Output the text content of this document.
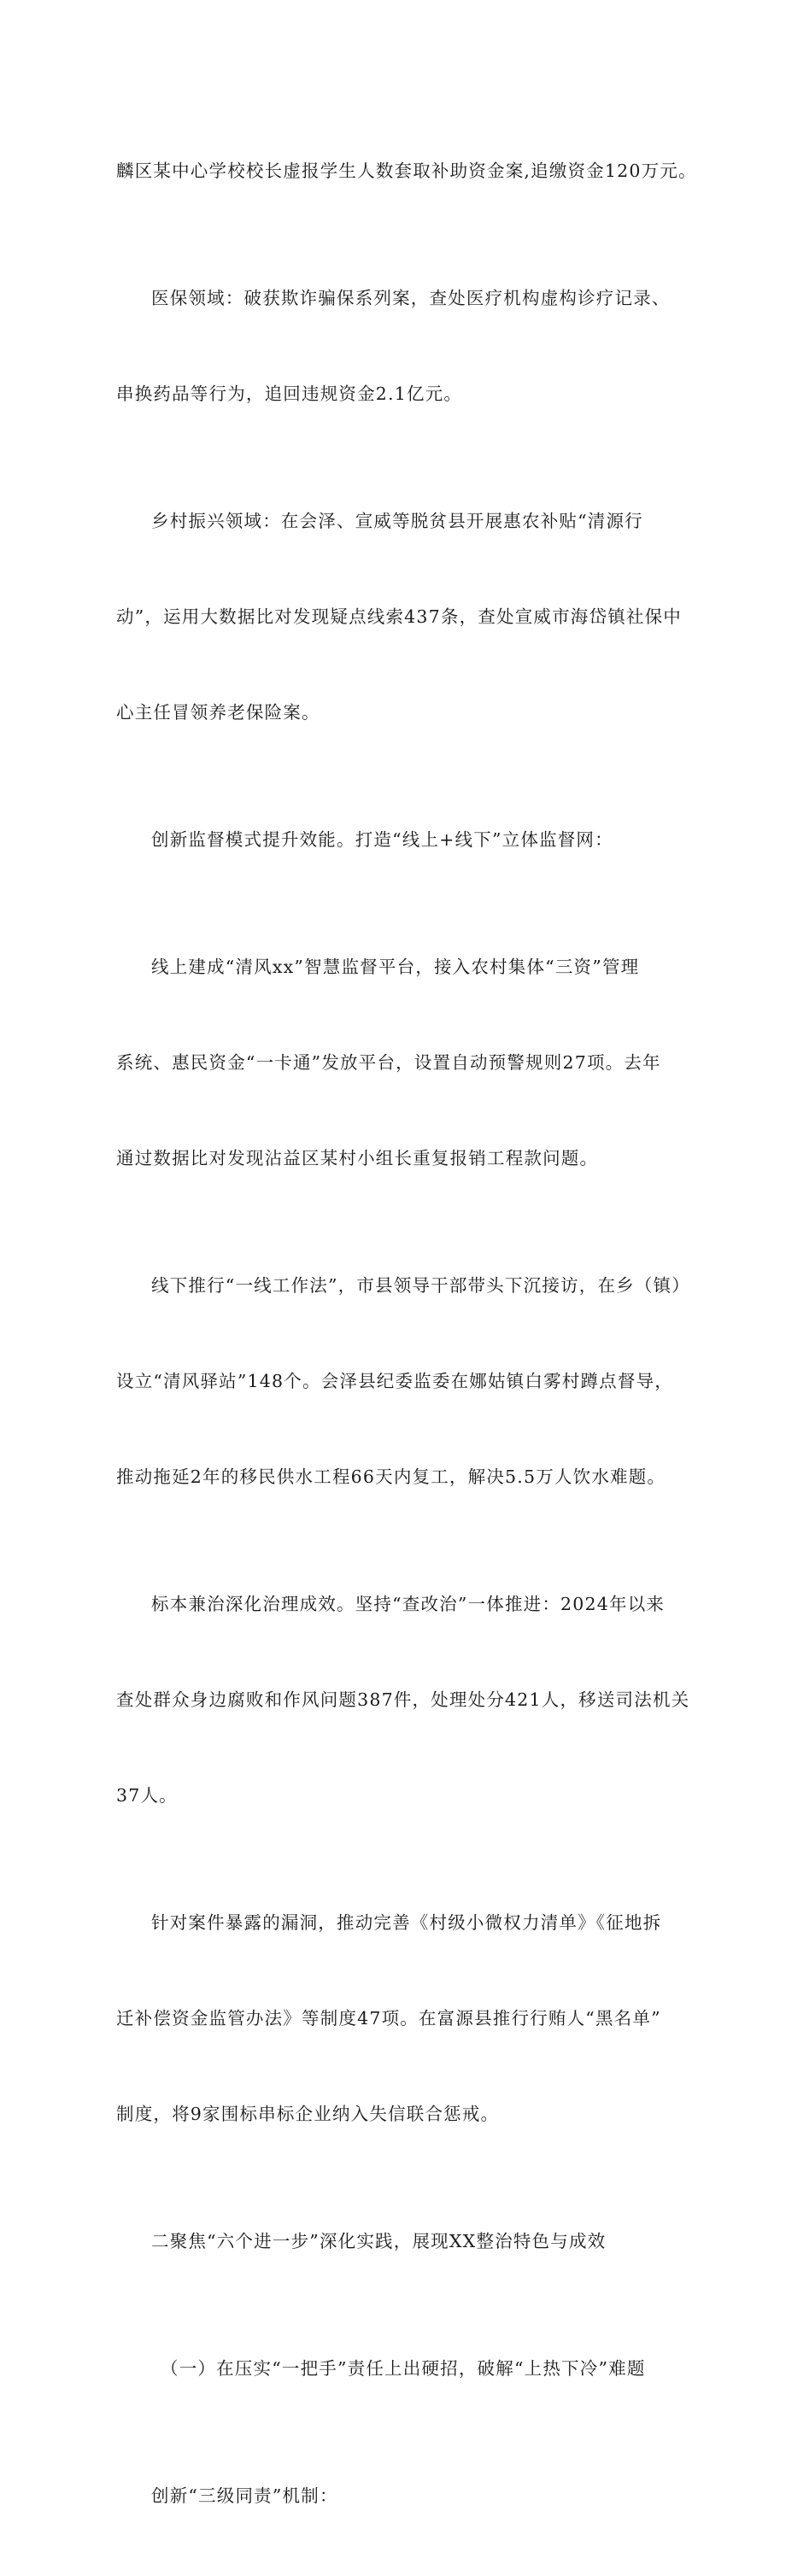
麟区某中心学校校长虚报学生人数套取补助资金案,追缴资金120万元。

医保领域：破获欺诈骗保系列案，查处医疗机构虚构诊疗记录、

串换药品等行为，追回违规资金2.1亿元。

乡村振兴领域：在会泽、宣威等脱贫县开展惠农补贴“清源行

动”，运用大数据比对发现疑点线索437条，查处宣威市海岱镇社保中

心主任冒领养老保险案。

创新监督模式提升效能。打造“线上+线下”立体监督网：

线上建成“清风xx”智慧监督平台，接入农村集体“三资”管理

系统、惠民资金“一卡通”发放平台，设置自动预警规则27项。去年

通过数据比对发现沾益区某村小组长重复报销工程款问题。

线下推行“一线工作法”，市县领导干部带头下沉接访，在乡（镇）

设立“清风驿站”148个。会泽县纪委监委在娜姑镇白雾村蹲点督导，

推动拖延2年的移民供水工程66天内复工，解决5.5万人饮水难题。

标本兼治深化治理成效。坚持“查改治”一体推进：2024年以来

查处群众身边腐败和作风问题387件，处理处分421人，移送司法机关

37人。

针对案件暴露的漏洞，推动完善《村级小微权力清单》《征地拆

迁补偿资金监管办法》等制度47项。在富源县推行行贿人“黑名单”

制度，将9家围标串标企业纳入失信联合惩戒。

二聚焦“六个进一步”深化实践，展现XX整治特色与成效

（一）在压实“一把手”责任上出硬招，破解“上热下冷”难题

创新“三级同责”机制：
